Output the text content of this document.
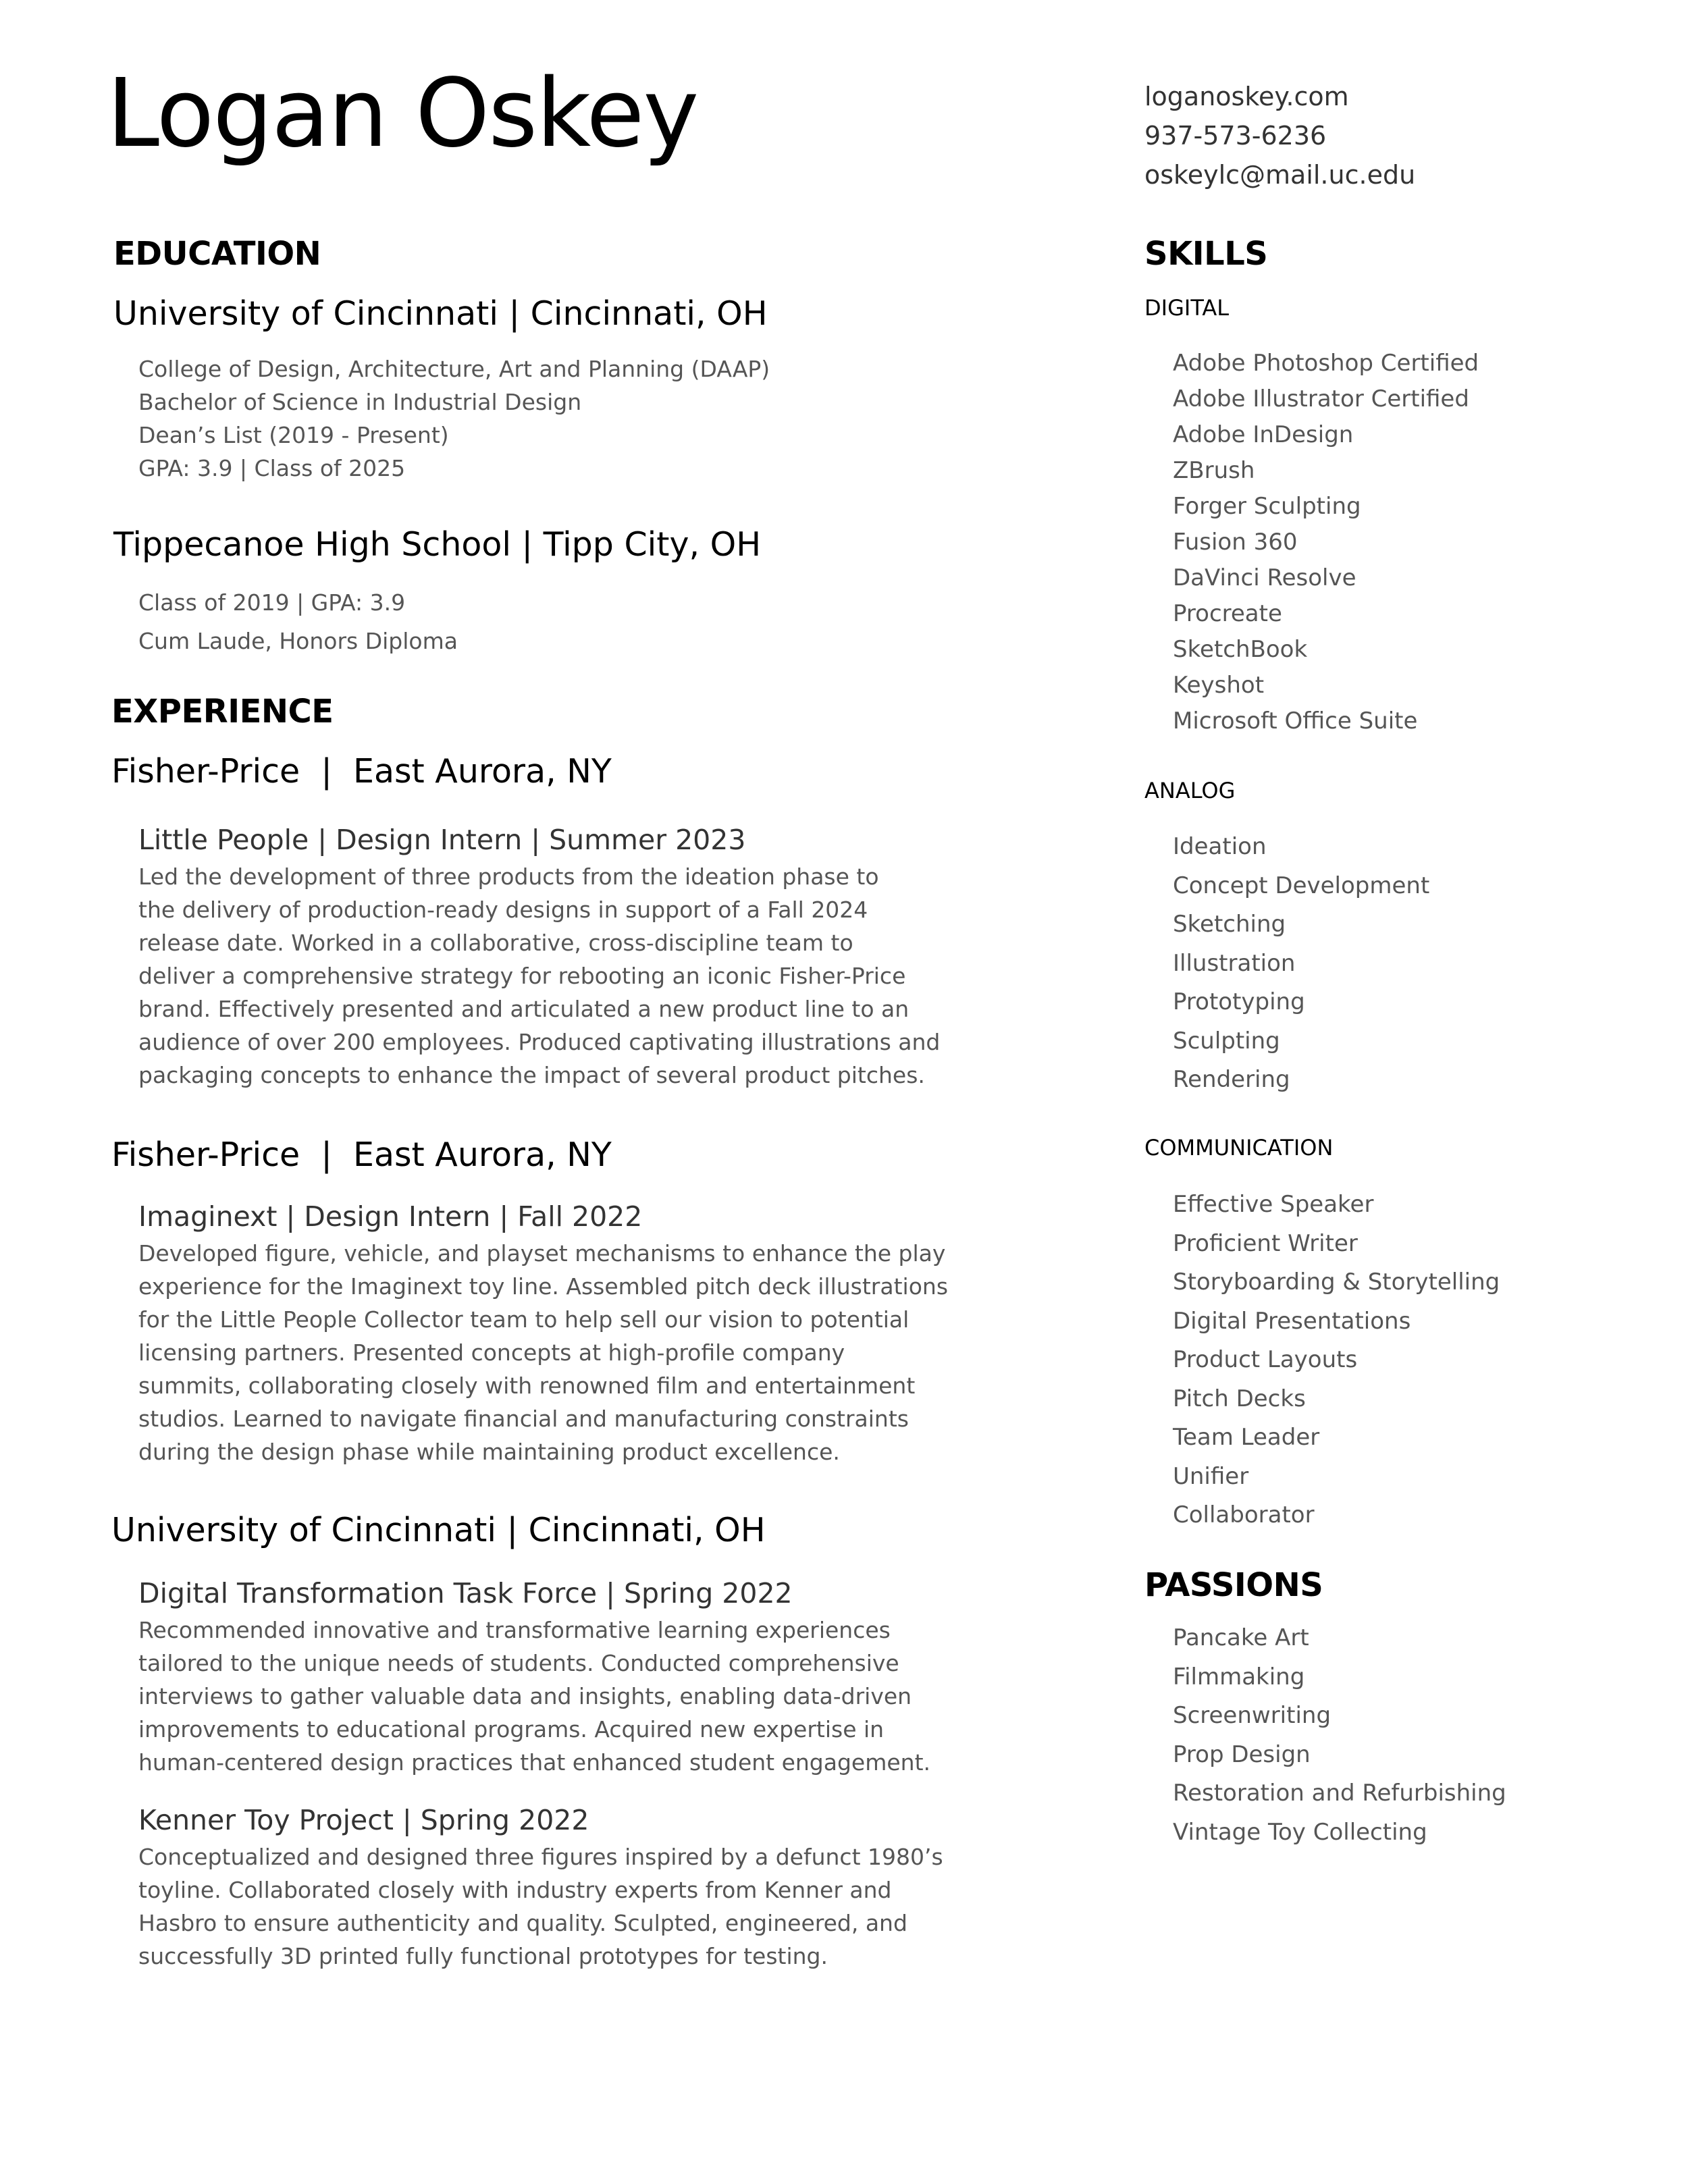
Logan Oskey	loganoskey.com
937-573-6236
oskeylc@mail.uc.edu
EDUCATION
University of Cincinnati | Cincinnati, OH
College of Design, Architecture, Art and Planning (DAAP)
Bachelor of Science in Industrial Design
Dean’s List (2019 - Present)
GPA: 3.9 | Class of 2025
Tippecanoe High School | Tipp City, OH
Class of 2019 | GPA: 3.9
Cum Laude, Honors Diploma
EXPERIENCE
Fisher-Price  |  East Aurora, NY
Little People | Design Intern | Summer 2023
Led the development of three products from the ideation phase to
the delivery of production-ready designs in support of a Fall 2024
release date. Worked in a collaborative, cross-discipline team to
deliver a comprehensive strategy for rebooting an iconic Fisher-Price
brand. Effectively presented and articulated a new product line to an
audience of over 200 employees. Produced captivating illustrations and
packaging concepts to enhance the impact of several product pitches.
Fisher-Price  |  East Aurora, NY
Imaginext | Design Intern | Fall 2022
Developed figure, vehicle, and playset mechanisms to enhance the play
experience for the Imaginext toy line. Assembled pitch deck illustrations
for the Little People Collector team to help sell our vision to potential
licensing partners. Presented concepts at high-profile company
summits, collaborating closely with renowned film and entertainment
studios. Learned to navigate financial and manufacturing constraints
during the design phase while maintaining product excellence.
University of Cincinnati | Cincinnati, OH
Digital Transformation Task Force | Spring 2022
Recommended innovative and transformative learning experiences
tailored to the unique needs of students. Conducted comprehensive
interviews to gather valuable data and insights, enabling data-driven
improvements to educational programs. Acquired new expertise in
human-centered design practices that enhanced student engagement.
Kenner Toy Project | Spring 2022
Conceptualized and designed three figures inspired by a defunct 1980’s
toyline. Collaborated closely with industry experts from Kenner and
Hasbro to ensure authenticity and quality. Sculpted, engineered, and
successfully 3D printed fully functional prototypes for testing.
SKILLS
DIGITAL
Adobe Photoshop Certified
Adobe Illustrator Certified
Adobe InDesign
ZBrush
Forger Sculpting
Fusion 360
DaVinci Resolve
Procreate
SketchBook
Keyshot
Microsoft Office Suite
ANALOG
Ideation
Concept Development
Sketching
Illustration
Prototyping
Sculpting
Rendering
COMMUNICATION
Effective Speaker
Proficient Writer
Storyboarding & Storytelling
Digital Presentations
Product Layouts
Pitch Decks
Team Leader
Unifier
Collaborator
PASSIONS
Pancake Art
Filmmaking
Screenwriting
Prop Design
Restoration and Refurbishing
Vintage Toy Collecting
